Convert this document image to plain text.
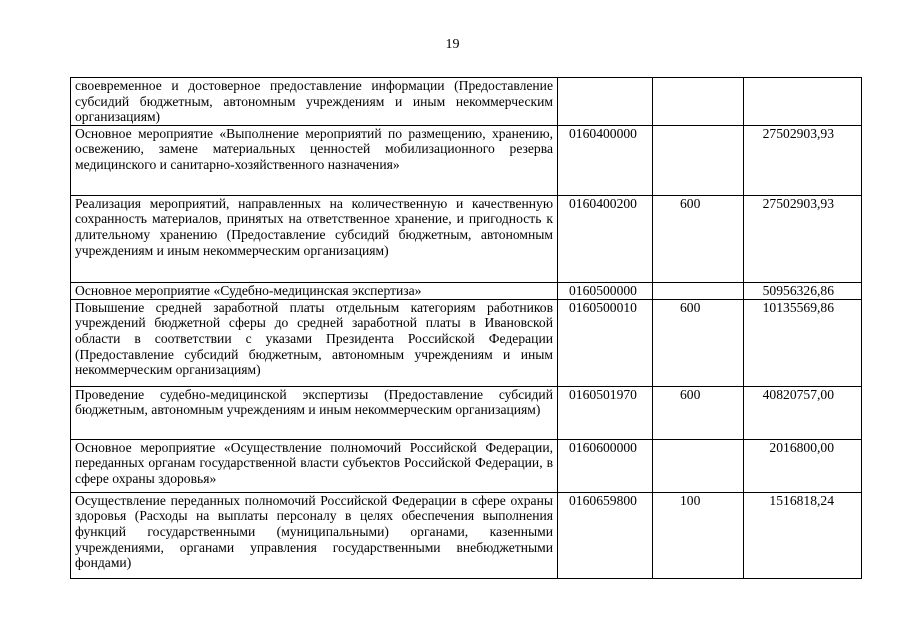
19
своевременное и достоверное предоставление информации (Предоставление субсидий бюджетным, автономным учреждениям и иным некоммерческим организациям)			
Основное мероприятие «Выполнение мероприятий по размещению, хранению, освежению, замене материальных ценностей мобилизационного резерва медицинского и санитарно-хозяйственного назначения»	0160400000		27502903,93
Реализация мероприятий, направленных на количественную и качественную сохранность материалов, принятых на ответственное хранение, и пригодность к длительному хранению (Предоставление субсидий бюджетным, автономным учреждениям и иным некоммерческим организациям)	0160400200	600	27502903,93
Основное мероприятие «Судебно-медицинская экспертиза»	0160500000		50956326,86
Повышение средней заработной платы отдельным категориям работников учреждений бюджетной сферы до средней заработной платы в Ивановской области в соответствии с указами Президента Российской Федерации (Предоставление субсидий бюджетным, автономным учреждениям и иным некоммерческим организациям)	0160500010	600	10135569,86
Проведение судебно-медицинской экспертизы (Предоставление субсидий бюджетным, автономным учреждениям и иным некоммерческим организациям)	0160501970	600	40820757,00
Основное мероприятие «Осуществление полномочий Российской Федерации, переданных органам государственной власти субъектов Российской Федерации, в сфере охраны здоровья»	0160600000		2016800,00
Осуществление переданных полномочий Российской Федерации в сфере охраны здоровья (Расходы на выплаты персоналу в целях обеспечения выполнения функций государственными (муниципальными) органами, казенными учреждениями, органами управления государственными внебюджетными фондами)	0160659800	100	1516818,24
